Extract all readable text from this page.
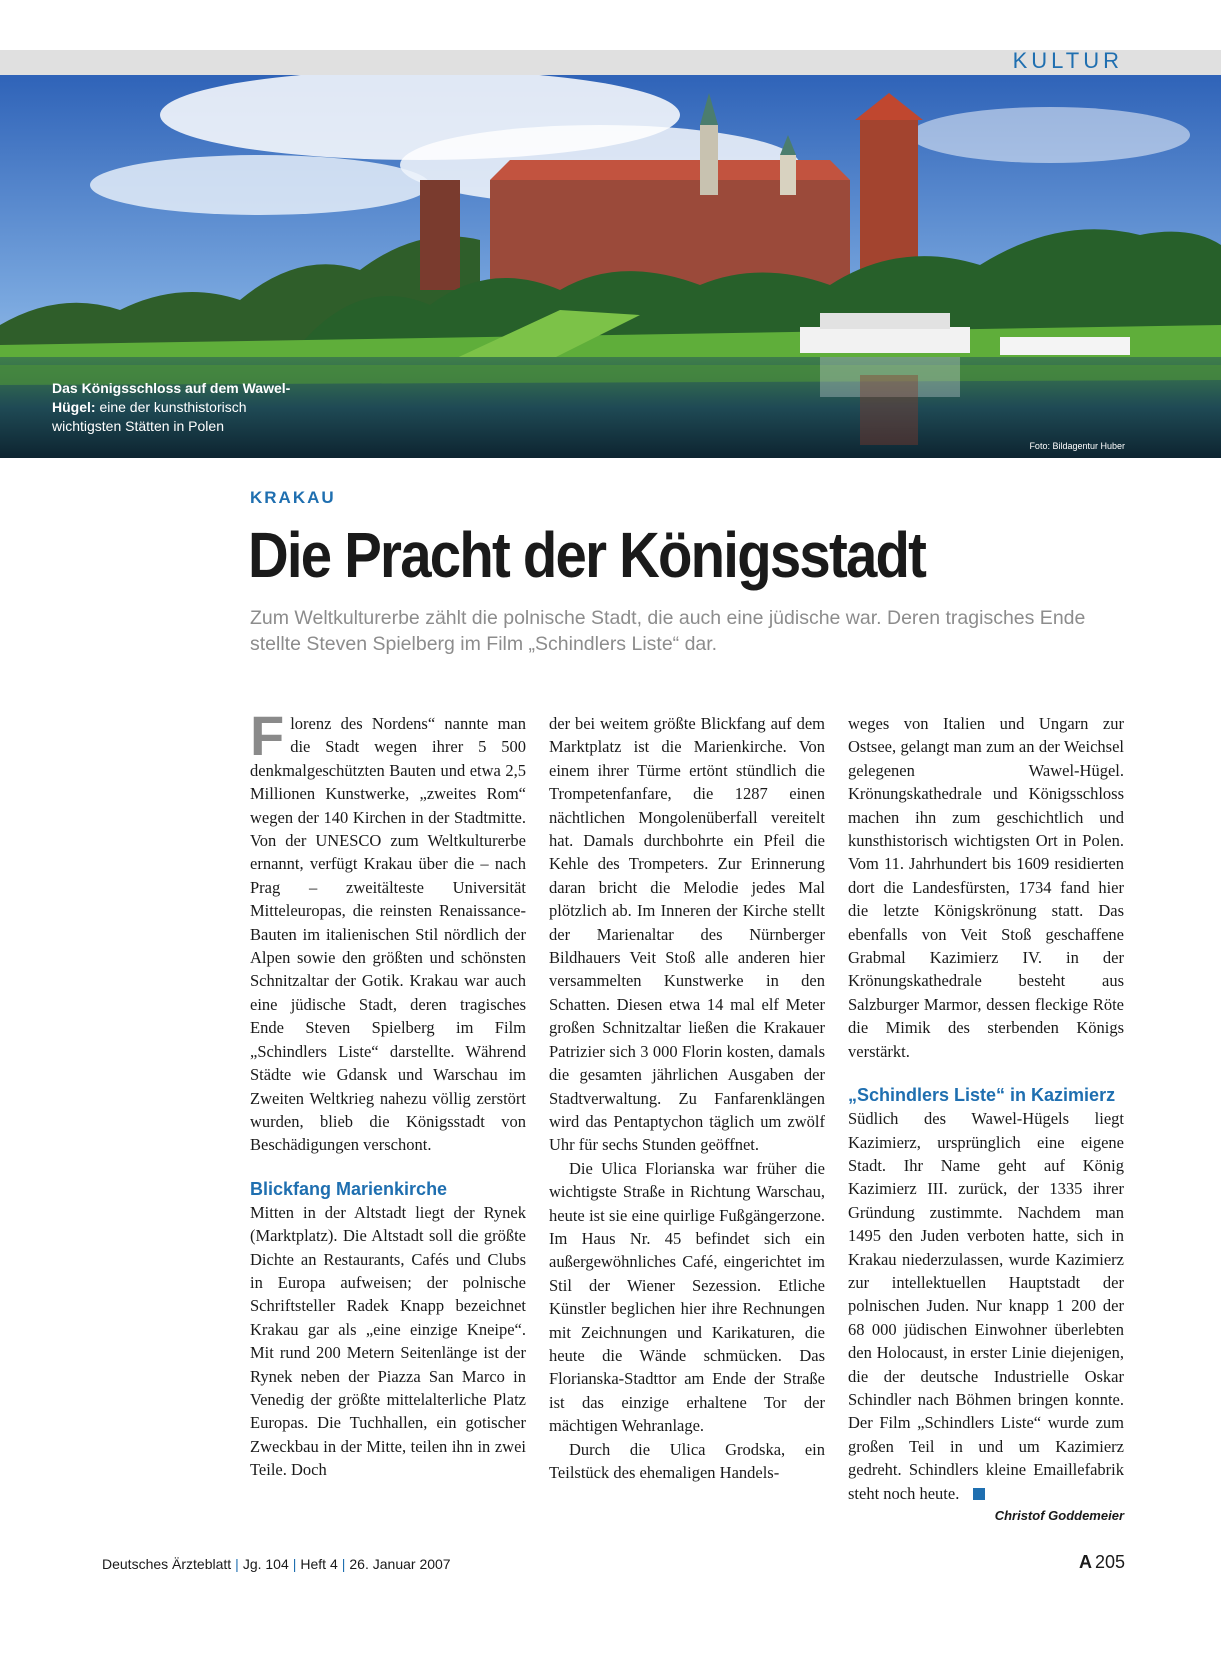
KULTUR
Das Königsschloss auf dem Wawel-Hügel: eine der kunsthistorisch wichtigsten Stätten in Polen
Foto: Bildagentur Huber
KRAKAU
Die Pracht der Königsstadt
Zum Weltkulturerbe zählt die polnische Stadt, die auch eine jüdische war. Deren tragisches Ende stellte Steven Spielberg im Film „Schindlers Liste“ dar.

Florenz des Nordens“ nannte man die Stadt wegen ihrer 5 500 denkmalgeschützten Bauten und etwa 2,5 Millionen Kunstwerke, „zweites Rom“ wegen der 140 Kirchen in der Stadtmitte. Von der UNESCO zum Weltkulturerbe ernannt, verfügt Krakau über die – nach Prag – zweitälteste Universität Mitteleuropas, die reinsten Renaissance-Bauten im italienischen Stil nördlich der Alpen sowie den größten und schönsten Schnitzaltar der Gotik. Krakau war auch eine jüdische Stadt, deren tragisches Ende Steven Spielberg im Film „Schindlers Liste“ darstellte. Während Städte wie Gdansk und Warschau im Zweiten Weltkrieg nahezu völlig zerstört wurden, blieb die Königsstadt von Beschädigungen verschont.

Blickfang Marienkirche

Mitten in der Altstadt liegt der Rynek (Marktplatz). Die Altstadt soll die größte Dichte an Restaurants, Cafés und Clubs in Europa aufweisen; der polnische Schriftsteller Radek Knapp bezeichnet Krakau gar als „eine einzige Kneipe“. Mit rund 200 Metern Seitenlänge ist der Rynek neben der Piazza San Marco in Venedig der größte mittelalterliche Platz Europas. Die Tuchhallen, ein gotischer Zweckbau in der Mitte, teilen ihn in zwei Teile. Doch

der bei weitem größte Blickfang auf dem Marktplatz ist die Marienkirche. Von einem ihrer Türme ertönt stündlich die Trompetenfanfare, die 1287 einen nächtlichen Mongolenüberfall vereitelt hat. Damals durchbohrte ein Pfeil die Kehle des Trompeters. Zur Erinnerung daran bricht die Melodie jedes Mal plötzlich ab. Im Inneren der Kirche stellt der Marienaltar des Nürnberger Bildhauers Veit Stoß alle anderen hier versammelten Kunstwerke in den Schatten. Diesen etwa 14 mal elf Meter großen Schnitzaltar ließen die Krakauer Patrizier sich 3 000 Florin kosten, damals die gesamten jährlichen Ausgaben der Stadtverwaltung. Zu Fanfarenklängen wird das Pentaptychon täglich um zwölf Uhr für sechs Stunden geöffnet.

Die Ulica Florianska war früher die wichtigste Straße in Richtung Warschau, heute ist sie eine quirlige Fußgängerzone. Im Haus Nr. 45 befindet sich ein außergewöhnliches Café, eingerichtet im Stil der Wiener Sezession. Etliche Künstler beglichen hier ihre Rechnungen mit Zeichnungen und Karikaturen, die heute die Wände schmücken. Das Florianska-Stadttor am Ende der Straße ist das einzige erhaltene Tor der mächtigen Wehranlage.

Durch die Ulica Grodska, ein Teilstück des ehemaligen Handels-

weges von Italien und Ungarn zur Ostsee, gelangt man zum an der Weichsel gelegenen Wawel-Hügel. Krönungskathedrale und Königsschloss machen ihn zum geschichtlich und kunsthistorisch wichtigsten Ort in Polen. Vom 11. Jahrhundert bis 1609 residierten dort die Landesfürsten, 1734 fand hier die letzte Königskrönung statt. Das ebenfalls von Veit Stoß geschaffene Grabmal Kazimierz IV. in der Krönungskathedrale besteht aus Salzburger Marmor, dessen fleckige Röte die Mimik des sterbenden Königs verstärkt.

„Schindlers Liste“ in Kazimierz

Südlich des Wawel-Hügels liegt Kazimierz, ursprünglich eine eigene Stadt. Ihr Name geht auf König Kazimierz III. zurück, der 1335 ihrer Gründung zustimmte. Nachdem man 1495 den Juden verboten hatte, sich in Krakau niederzulassen, wurde Kazimierz zur intellektuellen Hauptstadt der polnischen Juden. Nur knapp 1 200 der 68 000 jüdischen Einwohner überlebten den Holocaust, in erster Linie diejenigen, die der deutsche Industrielle Oskar Schindler nach Böhmen bringen konnte. Der Film „Schindlers Liste“ wurde zum großen Teil in und um Kazimierz gedreht. Schindlers kleine Emaillefabrik steht noch heute.

Christof Goddemeier

Deutsches Ärzteblatt | Jg. 104 | Heft 4 | 26. Januar 2007	A 205
